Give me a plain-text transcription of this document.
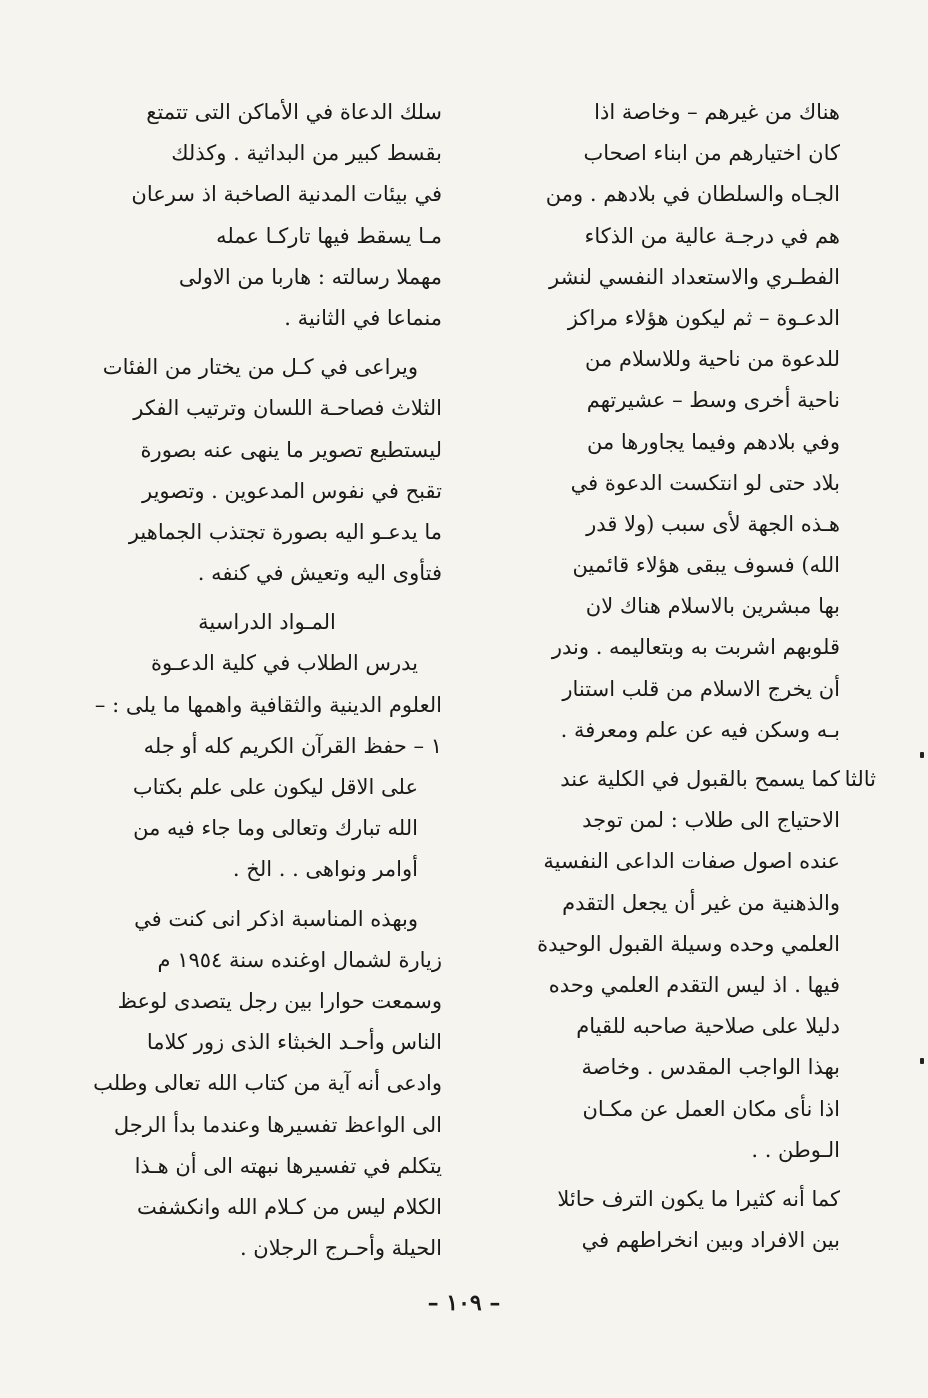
هناك من غيرهم – وخاصة اذا
كان اختيارهم من ابناء اصحاب
الجـاه والسلطان في بلادهم . ومن
هم في درجـة عالية من الذكاء
الفطـري والاستعداد النفسي لنشر
الدعـوة – ثم ليكون هؤلاء مراكز
للدعوة من ناحية وللاسلام من
ناحية أخرى وسط – عشيرتهم
وفي بلادهم وفيما يجاورها من
بلاد حتى لو انتكست الدعوة في
هـذه الجهة لأى سبب (ولا قدر
الله) فسوف يبقى هؤلاء قائمين
بها مبشرين بالاسلام هناك لان
قلوبهم اشربت به وبتعاليمه . وندر
أن يخرج الاسلام من قلب استنار
بـه وسكن فيه عن علم ومعرفة .
ثالثا
كما يسمح بالقبول في الكلية عند
الاحتياج الى طلاب : لمن توجد
عنده اصول صفات الداعى النفسية
والذهنية من غير أن يجعل التقدم
العلمي وحده وسيلة القبول الوحيدة
فيها . اذ ليس التقدم العلمي وحده
دليلا على صلاحية صاحبه للقيام
بهذا الواجب المقدس . وخاصة
اذا نأى مكان العمل عن مكـان
الـوطن . .
كما أنه كثيرا ما يكون الترف حائلا
بين الافراد وبين انخراطهم في
سلك الدعاة في الأماكن التى تتمتع
بقسط كبير من البداثية . وكذلك
في بيئات المدنية الصاخبة اذ سرعان
مـا يسقط فيها تاركـا عمله
مهملا رسالته : هاربا من الاولى
منماعا في الثانية .
ويراعى في كـل من يختار من الفئات
الثلاث فصاحـة اللسان وترتيب الفكر
ليستطيع تصوير ما ينهى عنه بصورة
تقبح في نفوس المدعوين . وتصوير
ما يدعـو اليه بصورة تجتذب الجماهير
فتأوى اليه وتعيش في كنفه .
المـواد الدراسية
يدرس الطلاب في كلية الدعـوة
العلوم الدينية والثقافية واهمها ما يلى : –
١ – حفظ القرآن الكريم كله أو جله
على الاقل ليكون على علم بكتاب
الله تبارك وتعالى وما جاء فيه من
أوامر ونواهى . . الخ .
وبهذه المناسبة اذكر انى كنت في
زيارة لشمال اوغنده سنة ١٩٥٤ م
وسمعت حوارا بين رجل يتصدى لوعظ
الناس وأحـد الخبثاء الذى زور كلاما
وادعى أنه آية من كتاب الله تعالى وطلب
الى الواعظ تفسيرها وعندما بدأ الرجل
يتكلم في تفسيرها نبهته الى أن هـذا
الكلام ليس من كـلام الله وانكشفت
الحيلة وأحـرج الرجلان .
– ١٠٩ –
